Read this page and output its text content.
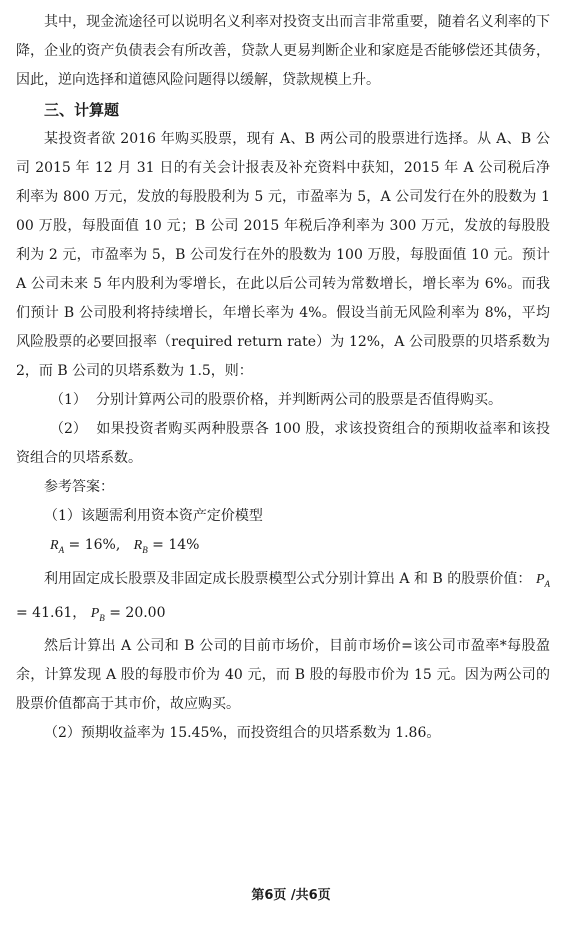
其中，现金流途径可以说明名义利率对投资支出而言非常重要，随着名义利率的下降，企业的资产负债表会有所改善，贷款人更易判断企业和家庭是否能够偿还其债务，因此，逆向选择和道德风险问题得以缓解，贷款规模上升。

三、计算题

某投资者欲 2016 年购买股票，现有 A、B 两公司的股票进行选择。从 A、B 公司 2015 年 12 月 31 日的有关会计报表及补充资料中获知，2015 年 A 公司税后净利率为 800 万元，发放的每股股利为 5 元，市盈率为 5，A 公司发行在外的股数为 100 万股，每股面值 10 元；B 公司 2015 年税后净利率为 300 万元，发放的每股股利为 2 元，市盈率为 5，B 公司发行在外的股数为 100 万股，每股面值 10 元。预计 A 公司未来 5 年内股利为零增长，在此以后公司转为常数增长，增长率为 6%。而我们预计 B 公司股利将持续增长，年增长率为 4%。假设当前无风险利率为 8%，平均风险股票的必要回报率（required return rate）为 12%，A 公司股票的贝塔系数为 2，而 B 公司的贝塔系数为 1.5，则：

（1） 分别计算两公司的股票价格，并判断两公司的股票是否值得购买。

（2） 如果投资者购买两种股票各 100 股，求该投资组合的预期收益率和该投资组合的贝塔系数。

参考答案：

（1）该题需利用资本资产定价模型

$R_A = 16\%$, $R_B = 14\%$

利用固定成长股票及非固定成长股票模型公式分别计算出 A 和 B 的股票价值： $P_A = 41.61$， $P_B = 20.00$

然后计算出 A 公司和 B 公司的目前市场价，目前市场价=该公司市盈率*每股盈余，计算发现 A 股的每股市价为 40 元，而 B 股的每股市价为 15 元。因为两公司的股票价值都高于其市价，故应购买。

（2）预期收益率为 15.45%，而投资组合的贝塔系数为 1.86。

第6页 /共6页
